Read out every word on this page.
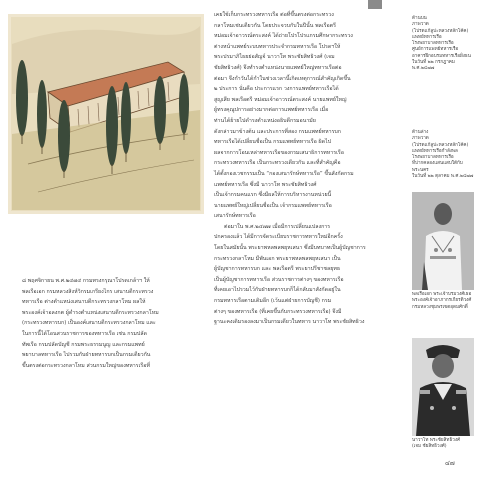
เคยใช้เก็บกระทรวงทหารเรือ ต่อที่ขึ้นตรงต่อกระทรวง

กลาโหมเช่นเดียวกัน โดยประจวบกับในปีนั้น พลเรือตรี

หม่อมเจ้าอาวรณ์ตระสงค์ ได้ถ่ายโปรโปรแกรมศึกษากระทรวง

ต่างหน้าแพทย์ระบบทหารประจำกรมทหารเรือ โปรดฯให้

พระปรมาภิไธยย่อสัญจ์ นาวาโท พระชัยสิทธิวงศ์ (เจม

ชัยสิทธิวงศ์) จึงทำรงตำแหน่งนายแพทย์ใหญ่ทหารเรือต่อ

ต่อมา จึงกำวันได้กำในช่วงเวลานี้เกิดเหตุการณ์สำคัญเกิดขึ้น

๒ ประการ นั่นคือ ประการแรก วงการแพทย์ทหารเรือได้

สูญเสีย พลเรือตรี หม่อมเจ้าอาวรณ์ตระสงค์ นายแพทย์ใหญ่

ผู้ทรงคุณูปการอย่างมากต่อการแพทย์ทหารเรือ เมื่อ

ท่านได้ย้ายไปดำรงตำแหน่งอธิบดีกรมอนามัย

ดังกล่าวมาข้างต้น และประการที่สอง กรมแพทย์ทหารบก

ทหารเรือได้เปลี่ยนชื่อเป็น กรมแพทย์ทหารเรือ ผิดไป

ผลจากการโอนเหล่าทหารเรือของกรมเสนาธิการทหารเรือ

กระทรวงทหารเรือ เป็นกระทรวงเดียวกัน และที่สำคัญคือ

ได้ตั้งกองเวชกรรมเป็น “กองเสนารักษ์ทหารเรือ” ขึ้นสังกัดกรม

แพทย์ทหารเรือ ซึ่งมี นาวาโท พระชัยสิทธิวงศ์

เป็นเจ้ากรมคนแรก ซึ่งมีผลให้การบริหารงานหน่วยนี้

นายแพทย์ใหญ่เปลี่ยนชื่อเป็น เจ้ากรมแพทย์ทหารเรือ

เสนารักษ์ทหารเรือ

ต่อมาใน พ.ศ.๒๔๗๗ เมื่อมีการเปลี่ยนแปลงการ

ปกครองแล้ว ได้มีการจัดระเบียบราชการทหารใหม่อีกครั้ง

โดยในสมัยนั้น พระยาพหลพลพยุหเสนา ซึ่งมีบทบาทเป็นผู้บัญชาการ

กระทรวงกลาโหม มีพันเอก พระยาพหลพลพยุหเสนา เป็น

ผู้บัญชาการทหารบก และ พลเรือตรี พระยาปรีชาชลยุทธ

เป็นผู้บัญชาการทหารเรือ ส่วนราชการต่างๆ ของทหารเรือ

ที่เคยเอาไปรวมไว้กับฝ่ายทหารบกก็ได้กลับมาสังกัดอยู่ใน

กรมทหารเรือตามเดิมอีก (เว้นแต่ฝ่ายการบัญชี) กรม

ต่างๆ ของทหารเรือ (ที่เคยขึ้นกับกระทรวงทหารเรือ) จึงมี

ฐานะคงเดิมรองลงมาเป็นกรมเดียวในทหาร นาวาโท พระชัยสิทธิวง

๘ พฤศจิกายน พ.ศ.๒๔๗๔ กรมทรงกรุณาโปรดเกล้าฯ ให้

พลเรือเอก กรมหลวงสิงห์วิกรมเกรียงไกร เสนาบดีกระทรวง

ทหารเรือ ต่างตำแหน่งเสนาบดีกระทรวงกลาโหม ผลให้

พระองค์เจ้าอลงกต ผู้ดำรงตำแหน่งเสนาบดีกระทรวงกลาโหม

(กระทรวงทหารบก) เป็นองค์เสนาบดีกระทรวงกลาโหม และ

ในการนี้ได้โอนสวนราชการของทหารเรือ เช่น กรมปลัด

ทัพเรือ กรมปลัดบัญชี กรมพระธรรมนูญ และกรมแพทย์

พยาบาลทหารเรือ ไปรวมกับฝ่ายทหารบกเป็นกรมเดียวกัน

ขึ้นตรงต่อกระทรวงกลาโหม ส่วนกรมใหญ่ของทหารเรือที่

ด้านบน

ภาพวาด

(โปรดแก้ลูปะหลวงหลักโค้ค)

แพทย์ทหารเรือ

โรงพยาบาลทหารเรือ

ศูนย์การแพทย์ทหารเรือ

อาคารฝึกอบรมทหารเรือฝั่งธน

ในวันที่ ๒๒ กรกฎาคม พ.ศ.๒๔๗๗

ด้านล่าง

ภาพวาด

(โปรดแก้ลูปะหลวงหลักโค้ค)

แพทย์ทหารเรือกำลังพล

โรงพยาบาลทหารเรือ

ที่ปากคลองแสนแสบใต้กับพระนคร

ในวันที่ ๒๒ ตุลาคม พ.ศ.๒๔๗๗

พลเรือเอก พระเจ้าบรมวงศ์เธอ

พระองค์เจ้าอาภากรเกียรติวงศ์

กรมหลวงชุมพรเขตอุดมศักดิ์

นาวาโท พระชัยสิทธิวงศ์

(เจม ชัยสิทธิวงศ์)

๔๗
